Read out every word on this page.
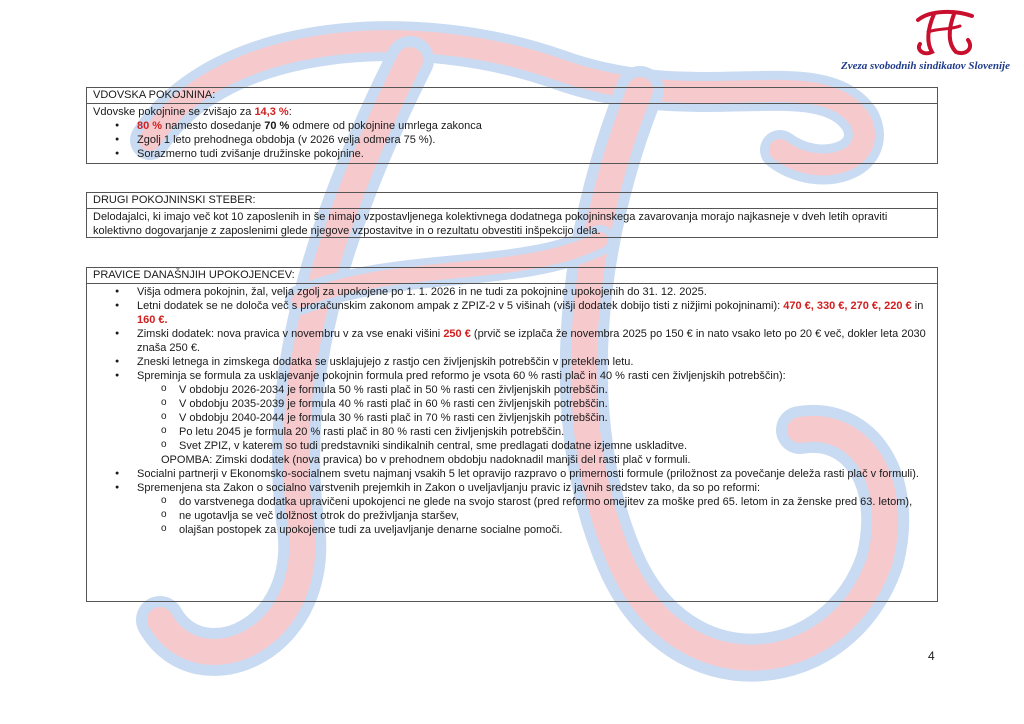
Zveza svobodnih sindikatov Slovenije
VDOVSKA POKOJNINA:
Vdovske pokojnine se zvišajo za 14,3 %:
● 80 % namesto dosedanje 70 % odmere od pokojnine umrlega zakonca
● Zgolj 1 leto prehodnega obdobja (v 2026 velja odmera 75 %).
● Sorazmerno tudi zvišanje družinske pokojnine.
DRUGI POKOJNINSKI STEBER:
Delodajalci, ki imajo več kot 10 zaposlenih in še nimajo vzpostavljenega kolektivnega dodatnega pokojninskega zavarovanja morajo najkasneje v dveh letih opraviti kolektivno dogovarjanje z zaposlenimi glede njegove vzpostavitve in o rezultatu obvestiti inšpekcijo dela.
PRAVICE DANAŠNJIH UPOKOJENCEV:
● Višja odmera pokojnin, žal, velja zgolj za upokojene po 1. 1. 2026 in ne tudi za pokojnine upokojenih do 31. 12. 2025.
● Letni dodatek se ne določa več s proračunskim zakonom ampak z ZPIZ-2 v 5 višinah (višji dodatek dobijo tisti z nižjimi pokojninami): 470 €, 330 €, 270 €, 220 € in 160 €.
● Zimski dodatek: nova pravica v novembru v za vse enaki višini 250 € (prvič se izplača že novembra 2025 po 150 € in nato vsako leto po 20 € več, dokler leta 2030 znaša 250 €.
● Zneski letnega in zimskega dodatka se usklajujejo z rastjo cen življenjskih potrebščin v preteklem letu.
● Spreminja se formula za usklajevanje pokojnin formula pred reformo je vsota 60 % rasti plač in 40 % rasti cen življenjskih potrebščin):
o V obdobju 2026-2034 je formula 50 % rasti plač in 50 % rasti cen življenjskih potrebščin.
o V obdobju 2035-2039 je formula 40 % rasti plač in 60 % rasti cen življenjskih potrebščin.
o V obdobju 2040-2044 je formula 30 % rasti plač in 70 % rasti cen življenjskih potrebščin.
o Po letu 2045 je formula 20 % rasti plač in 80 % rasti cen življenjskih potrebščin.
o Svet ZPIZ, v katerem so tudi predstavniki sindikalnih central, sme predlagati dodatne izjemne uskladitve.
OPOMBA: Zimski dodatek (nova pravica) bo v prehodnem obdobju nadoknadil manjši del rasti plač v formuli.
● Socialni partnerji v Ekonomsko-socialnem svetu najmanj vsakih 5 let opravijo razpravo o primernosti formule (priložnost za povečanje deleža rasti plač v formuli).
● Spremenjena sta Zakon o socialno varstvenih prejemkih in Zakon o uveljavljanju pravic iz javnih sredstev tako, da so po reformi:
o do varstvenega dodatka upravičeni upokojenci ne glede na svojo starost (pred reformo omejitev za moške pred 65. letom in za ženske pred 63. letom),
o ne ugotavlja se več dolžnost otrok do preživljanja staršev,
o olajšan postopek za upokojence tudi za uveljavljanje denarne socialne pomoči.
4
